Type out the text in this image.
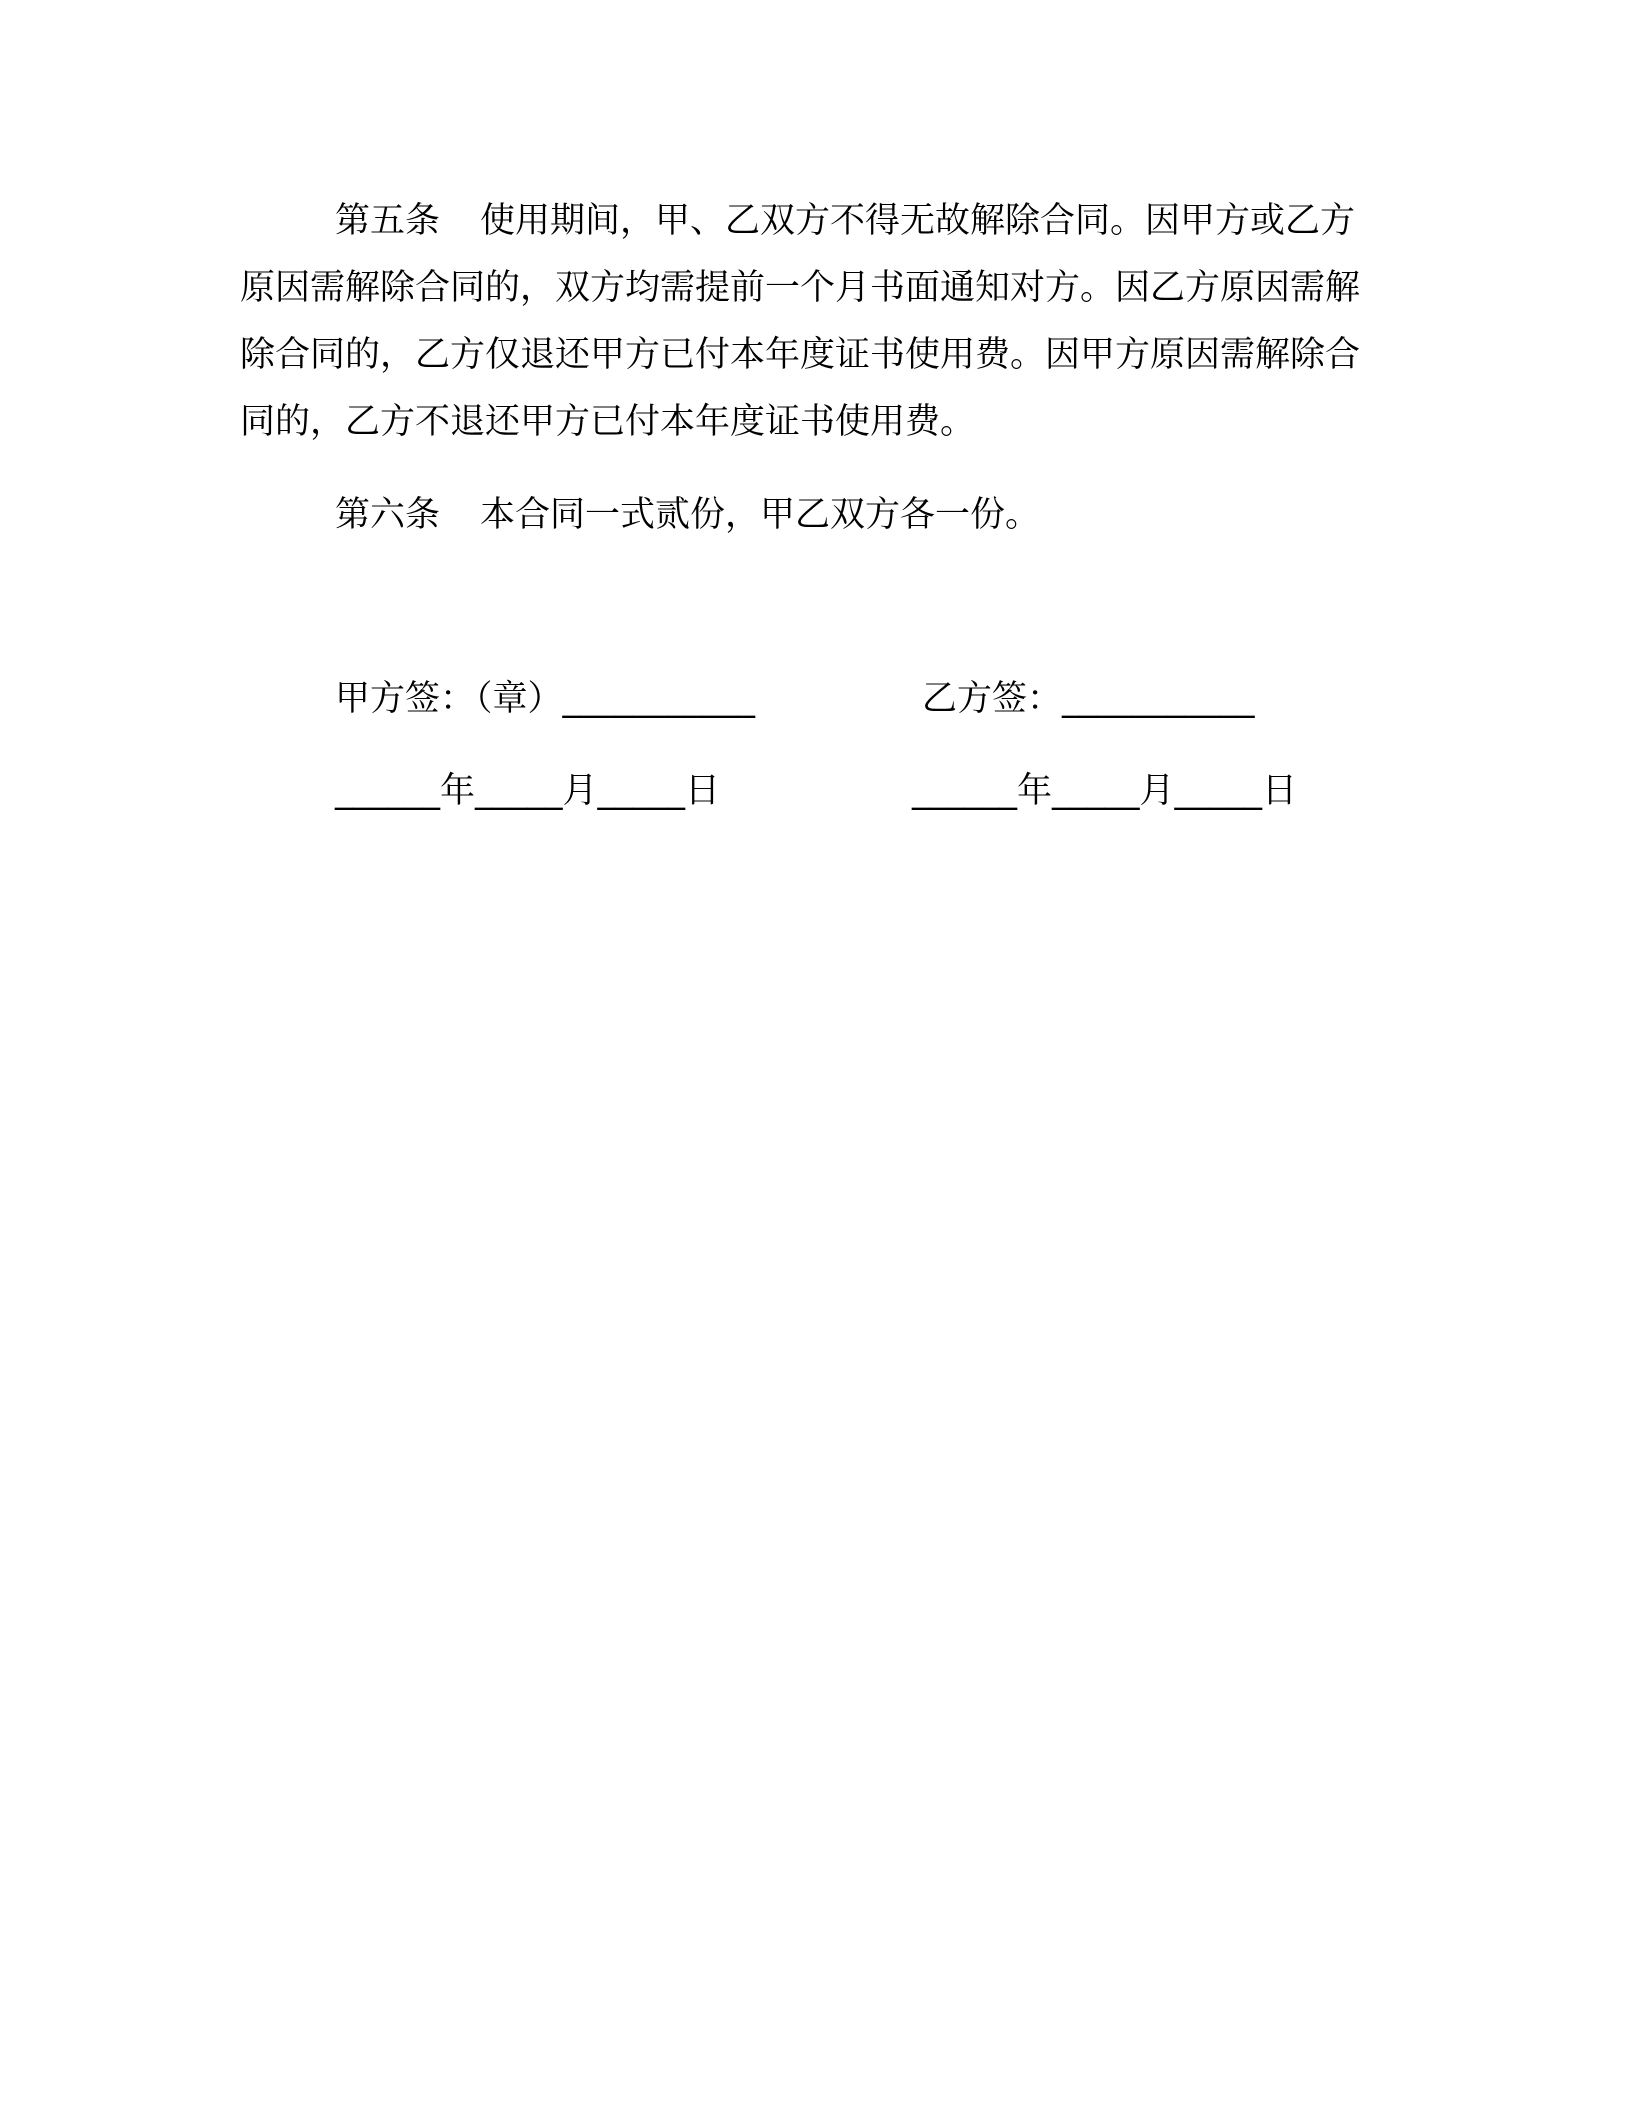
第五条 使用期间，甲、乙双方不得无故解除合同。因甲方或乙方原因需解除合同的，双方均需提前一个月书面通知对方。因乙方原因需解除合同的，乙方仅退还甲方已付本年度证书使用费。因甲方原因需解除合同的，乙方不退还甲方已付本年度证书使用费。

第六条 本合同一式贰份，甲乙双方各一份。

甲方签：（章）___________	乙方签：___________
______年_____月_____日	______年_____月_____日
